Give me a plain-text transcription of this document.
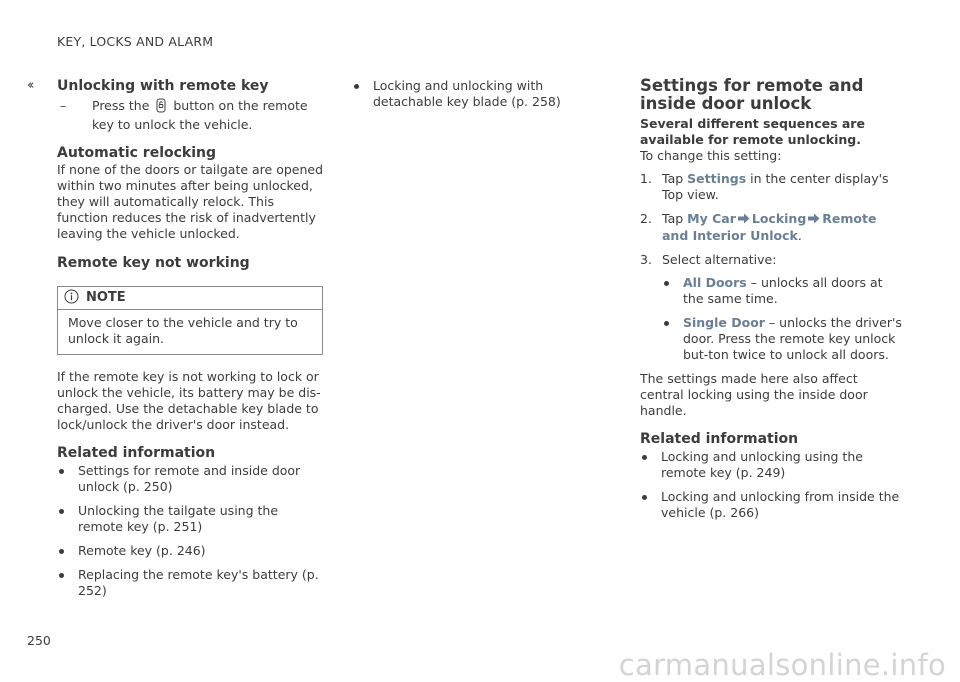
KEY, LOCKS AND ALARM
‹‹ Unlocking with remote key
– Press the button on the remote key to unlock the vehicle.
Automatic relocking

If none of the doors or tailgate are opened within two minutes after being unlocked, they will automatically relock. This function reduces the risk of inadvertently leaving the vehicle unlocked.

Remote key not working
NOTE
Move closer to the vehicle and try to unlock it again.

If the remote key is not working to lock or unlock the vehicle, its battery may be dis-charged. Use the detachable key blade to lock/unlock the driver's door instead.

Related information
Settings for remote and inside door unlock (p. 250)
Unlocking the tailgate using the remote key (p. 251)
Remote key (p. 246)
Replacing the remote key's battery (p. 252)
Locking and unlocking with detachable key blade (p. 258)
Settings for remote and inside door unlock

Several different sequences are available for remote unlocking.

To change this setting:

1. Tap Settings in the center display's Top view.
2. Tap My Car Locking Remote and Interior Unlock.
3. Select alternative:
All Doors – unlocks all doors at the same time.
Single Door – unlocks the driver's door. Press the remote key unlock but-ton twice to unlock all doors.

The settings made here also affect central locking using the inside door handle.

Related information
Locking and unlocking using the remote key (p. 249)
Locking and unlocking from inside the vehicle (p. 266)
250
carmanualsonline.info
